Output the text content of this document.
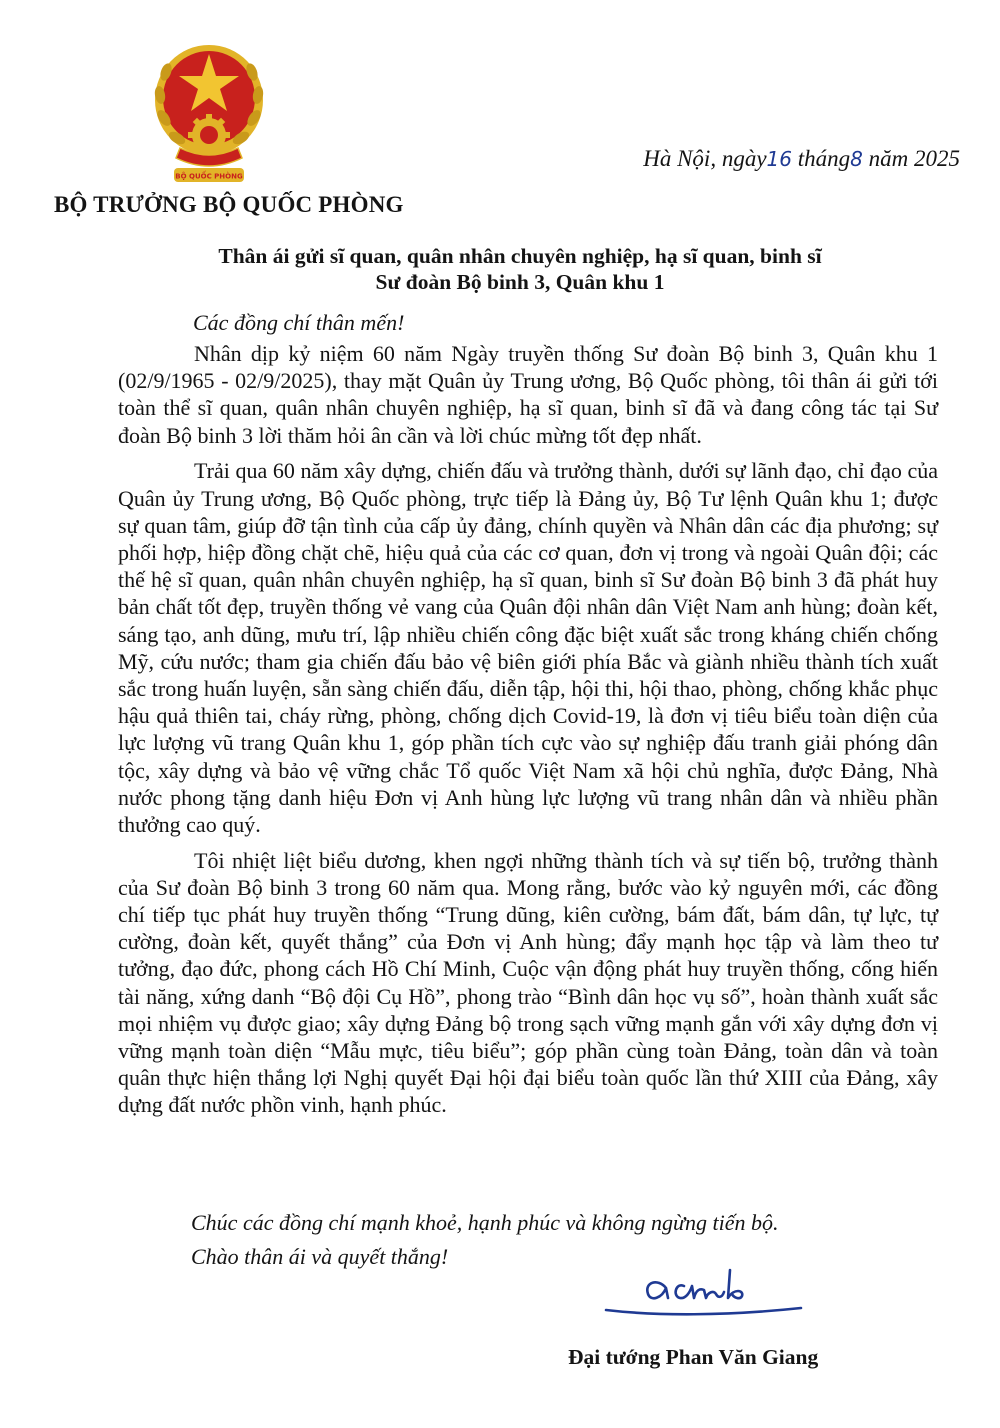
BỘ QUỐC PHÒNG
BỘ TRƯỞNG BỘ QUỐC PHÒNG
Hà Nội, ngày16 tháng8 năm 2025
Thân ái gửi sĩ quan, quân nhân chuyên nghiệp, hạ sĩ quan, binh sĩ
Sư đoàn Bộ binh 3, Quân khu 1
Các đồng chí thân mến!

Nhân dịp kỷ niệm 60 năm Ngày truyền thống Sư đoàn Bộ binh 3, Quân khu 1 (02/9/1965 - 02/9/2025), thay mặt Quân ủy Trung ương, Bộ Quốc phòng, tôi thân ái gửi tới toàn thể sĩ quan, quân nhân chuyên nghiệp, hạ sĩ quan, binh sĩ đã và đang công tác tại Sư đoàn Bộ binh 3 lời thăm hỏi ân cần và lời chúc mừng tốt đẹp nhất.

Trải qua 60 năm xây dựng, chiến đấu và trưởng thành, dưới sự lãnh đạo, chỉ đạo của Quân ủy Trung ương, Bộ Quốc phòng, trực tiếp là Đảng ủy, Bộ Tư lệnh Quân khu 1; được sự quan tâm, giúp đỡ tận tình của cấp ủy đảng, chính quyền và Nhân dân các địa phương; sự phối hợp, hiệp đồng chặt chẽ, hiệu quả của các cơ quan, đơn vị trong và ngoài Quân đội; các thế hệ sĩ quan, quân nhân chuyên nghiệp, hạ sĩ quan, binh sĩ Sư đoàn Bộ binh 3 đã phát huy bản chất tốt đẹp, truyền thống vẻ vang của Quân đội nhân dân Việt Nam anh hùng; đoàn kết, sáng tạo, anh dũng, mưu trí, lập nhiều chiến công đặc biệt xuất sắc trong kháng chiến chống Mỹ, cứu nước; tham gia chiến đấu bảo vệ biên giới phía Bắc và giành nhiều thành tích xuất sắc trong huấn luyện, sẵn sàng chiến đấu, diễn tập, hội thi, hội thao, phòng, chống khắc phục hậu quả thiên tai, cháy rừng, phòng, chống dịch Covid-19, là đơn vị tiêu biểu toàn diện của lực lượng vũ trang Quân khu 1, góp phần tích cực vào sự nghiệp đấu tranh giải phóng dân tộc, xây dựng và bảo vệ vững chắc Tổ quốc Việt Nam xã hội chủ nghĩa, được Đảng, Nhà nước phong tặng danh hiệu Đơn vị Anh hùng lực lượng vũ trang nhân dân và nhiều phần thưởng cao quý.

Tôi nhiệt liệt biểu dương, khen ngợi những thành tích và sự tiến bộ, trưởng thành của Sư đoàn Bộ binh 3 trong 60 năm qua. Mong rằng, bước vào kỷ nguyên mới, các đồng chí tiếp tục phát huy truyền thống “Trung dũng, kiên cường, bám đất, bám dân, tự lực, tự cường, đoàn kết, quyết thắng” của Đơn vị Anh hùng; đẩy mạnh học tập và làm theo tư tưởng, đạo đức, phong cách Hồ Chí Minh, Cuộc vận động phát huy truyền thống, cống hiến tài năng, xứng danh “Bộ đội Cụ Hồ”, phong trào “Bình dân học vụ số”, hoàn thành xuất sắc mọi nhiệm vụ được giao; xây dựng Đảng bộ trong sạch vững mạnh gắn với xây dựng đơn vị vững mạnh toàn diện “Mẫu mực, tiêu biểu”; góp phần cùng toàn Đảng, toàn dân và toàn quân thực hiện thắng lợi Nghị quyết Đại hội đại biểu toàn quốc lần thứ XIII của Đảng, xây dựng đất nước phồn vinh, hạnh phúc.

Chúc các đồng chí mạnh khoẻ, hạnh phúc và không ngừng tiến bộ.
Chào thân ái và quyết thắng!
Đại tướng Phan Văn Giang
